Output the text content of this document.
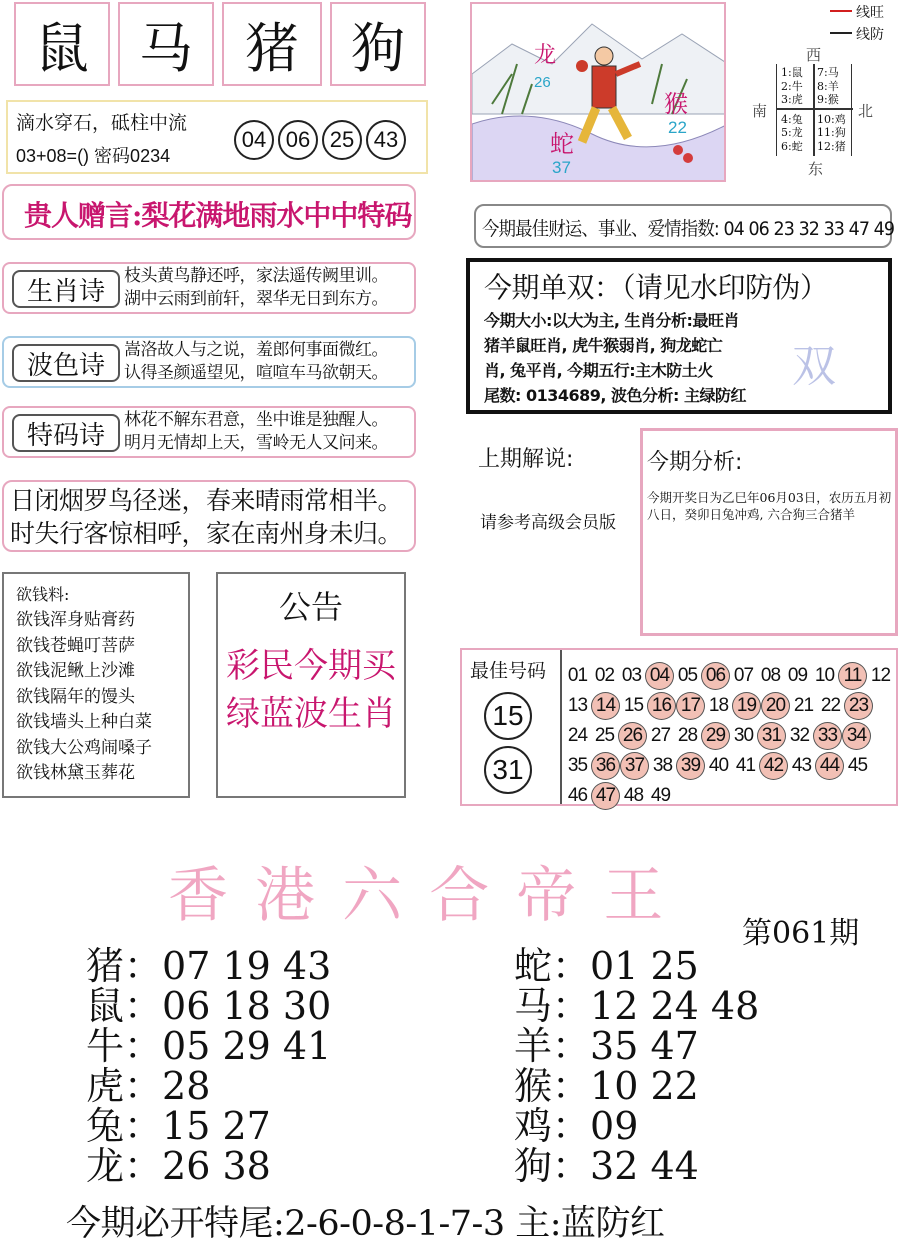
鼠 马 猪 狗
滴水穿石，砥柱中流
03+08=() 密码0234
04 06 25 43
贵人赠言:梨花满地雨水中中特码
生肖诗
枝头黄鸟静还呼，家法遥传阙里训。
湖中云雨到前轩，翠华无日到东方。
波色诗
嵩洛故人与之说，羞郎何事面微红。
认得圣颜遥望见，喧喧车马欲朝天。
特码诗
林花不解东君意，坐中谁是独醒人。
明月无情却上天，雪岭无人又问来。
日闭烟罗鸟径迷，春来晴雨常相半。
时失行客惊相呼，家在南州身未归。
欲钱料:
欲钱浑身贴膏药
欲钱苍蝇叮菩萨
欲钱泥鳅上沙滩
欲钱隔年的馒头
欲钱墙头上种白菜
欲钱大公鸡闹嗓子
欲钱林黛玉葬花
公告
彩民今期买
绿蓝波生肖
龙
26
猴
22
蛇
37
线旺
线防
西
南	北
东
1:鼠
2:牛
3:虎
4:兔
5:龙
6:蛇
7:马
8:羊
9:猴
10:鸡
11:狗
12:猪
今期最佳财运、事业、爱情指数: 04 06 23 32 33 47 49
今期单双：（请见水印防伪）
双
今期大小:以大为主, 生肖分析:最旺肖
猪羊鼠旺肖, 虎牛猴弱肖, 狗龙蛇亡
肖, 兔平肖, 今期五行:主木防土火
尾数: 0134689, 波色分析: 主绿防红
上期解说:
请参考高级会员版
今期分析:
今期开奖日为乙巳年06月03日，农历五月初八日，癸卯日兔冲鸡, 六合狗三合猪羊
最佳号码
15
31
01 02 03 04 05 06 07 08 09 10 11 1213 14 15 16 17 18 19 20 21 22 2324 25 26 27 28 29 30 31 32 33 3435 36 37 38 39 40 41 42 43 44 4546 47 48 49
香 港 六 合 帝 王
第061期
猪：07 19 43
鼠：06 18 30
牛：05 29 41
虎：28
兔：15 27
龙：26 38
蛇：01 25
马：12 24 48
羊：35 47
猴：10 22
鸡：09
狗：32 44
今期必开特尾:2-6-0-8-1-7-3 主:蓝防红
